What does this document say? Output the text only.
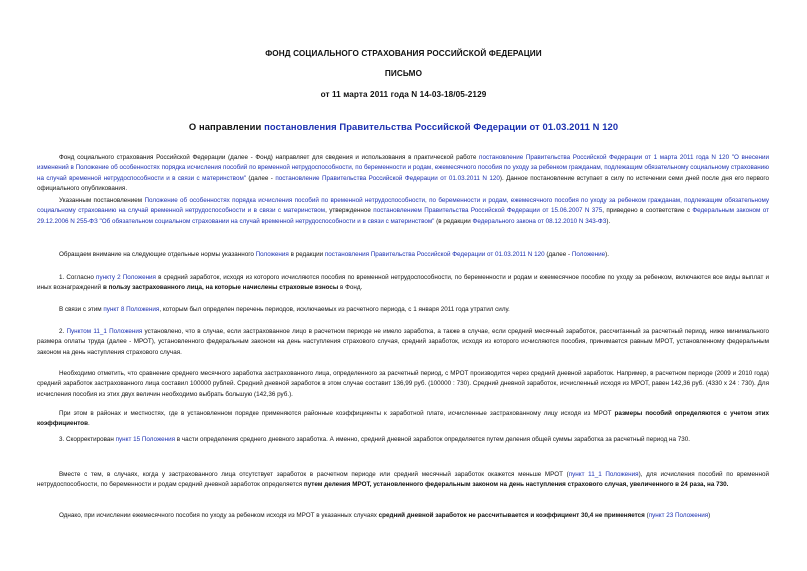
ФОНД СОЦИАЛЬНОГО СТРАХОВАНИЯ РОССИЙСКОЙ ФЕДЕРАЦИИ
ПИСЬМО
от 11 марта 2011 года N 14-03-18/05-2129
О направлении постановления Правительства Российской Федерации от 01.03.2011 N 120
Фонд социального страхования Российской Федерации (далее - Фонд) направляет для сведения и использования в практической работе постановление Правительства Российской Федерации от 1 марта 2011 года N 120 "О внесении изменений в Положение об особенностях порядка исчисления пособий по временной нетрудоспособности, по беременности и родам, ежемесячного пособия по уходу за ребенком гражданам, подлежащим обязательному социальному страхованию на случай временной нетрудоспособности и в связи с материнством" (далее - постановление Правительства Российской Федерации от 01.03.2011 N 120). Данное постановление вступает в силу по истечении семи дней после дня его первого официального опубликования.
Указанным постановлением Положение об особенностях порядка исчисления пособий по временной нетрудоспособности, по беременности и родам, ежемесячного пособия по уходу за ребенком гражданам, подлежащим обязательному социальному страхованию на случай временной нетрудоспособности и в связи с материнством, утвержденное постановлением Правительства Российской Федерации от 15.06.2007 N 375, приведено в соответствие с Федеральным законом от 29.12.2006 N 255-ФЗ "Об обязательном социальном страховании на случай временной нетрудоспособности и в связи с материнством" (в редакции Федерального закона от 08.12.2010 N 343-ФЗ).
Обращаем внимание на следующие отдельные нормы указанного Положения в редакции постановления Правительства Российской Федерации от 01.03.2011 N 120 (далее - Положение).
1. Согласно пункту 2 Положения в средний заработок, исходя из которого исчисляются пособия по временной нетрудоспособности, по беременности и родам и ежемесячное пособие по уходу за ребенком, включаются все виды выплат и иных вознаграждений в пользу застрахованного лица, на которые начислены страховые взносы в Фонд.
В связи с этим пункт 8 Положения, которым был определен перечень периодов, исключаемых из расчетного периода, с 1 января 2011 года утратил силу.
2. Пунктом 11_1 Положения установлено, что в случае, если застрахованное лицо в расчетном периоде не имело заработка, а также в случае, если средний месячный заработок, рассчитанный за расчетный период, ниже минимального размера оплаты труда (далее - МРОТ), установленного федеральным законом на день наступления страхового случая, средний заработок, исходя из которого исчисляются пособия, принимается равным МРОТ, установленному федеральным законом на день наступления страхового случая.
Необходимо отметить, что сравнение среднего месячного заработка застрахованного лица, определенного за расчетный период, с МРОТ производится через средний дневной заработок. Например, в расчетном периоде (2009 и 2010 года) средний заработок застрахованного лица составил 100000 рублей. Средний дневной заработок в этом случае составит 136,99 руб. (100000 : 730). Средний дневной заработок, исчисленный исходя из МРОТ, равен 142,36 руб. (4330 x 24 : 730). Для исчисления пособия из этих двух величин необходимо выбрать большую (142,36 руб.).
При этом в районах и местностях, где в установленном порядке применяются районные коэффициенты к заработной плате, исчисленные застрахованному лицу исходя из МРОТ размеры пособий определяются с учетом этих коэффициентов.
3. Скорректирован пункт 15 Положения в части определения среднего дневного заработка. А именно, средний дневной заработок определяется путем деления общей суммы заработка за расчетный период на 730.
Вместе с тем, в случаях, когда у застрахованного лица отсутствует заработок в расчетном периоде или средний месячный заработок окажется меньше МРОТ (пункт 11_1 Положения), для исчисления пособий по временной нетрудоспособности, по беременности и родам средний дневной заработок определяется путем деления МРОТ, установленного федеральным законом на день наступления страхового случая, увеличенного в 24 раза, на 730.
Однако, при исчислении ежемесячного пособия по уходу за ребенком исходя из МРОТ в указанных случаях средний дневной заработок не рассчитывается и коэффициент 30,4 не применяется (пункт 23 Положения)
